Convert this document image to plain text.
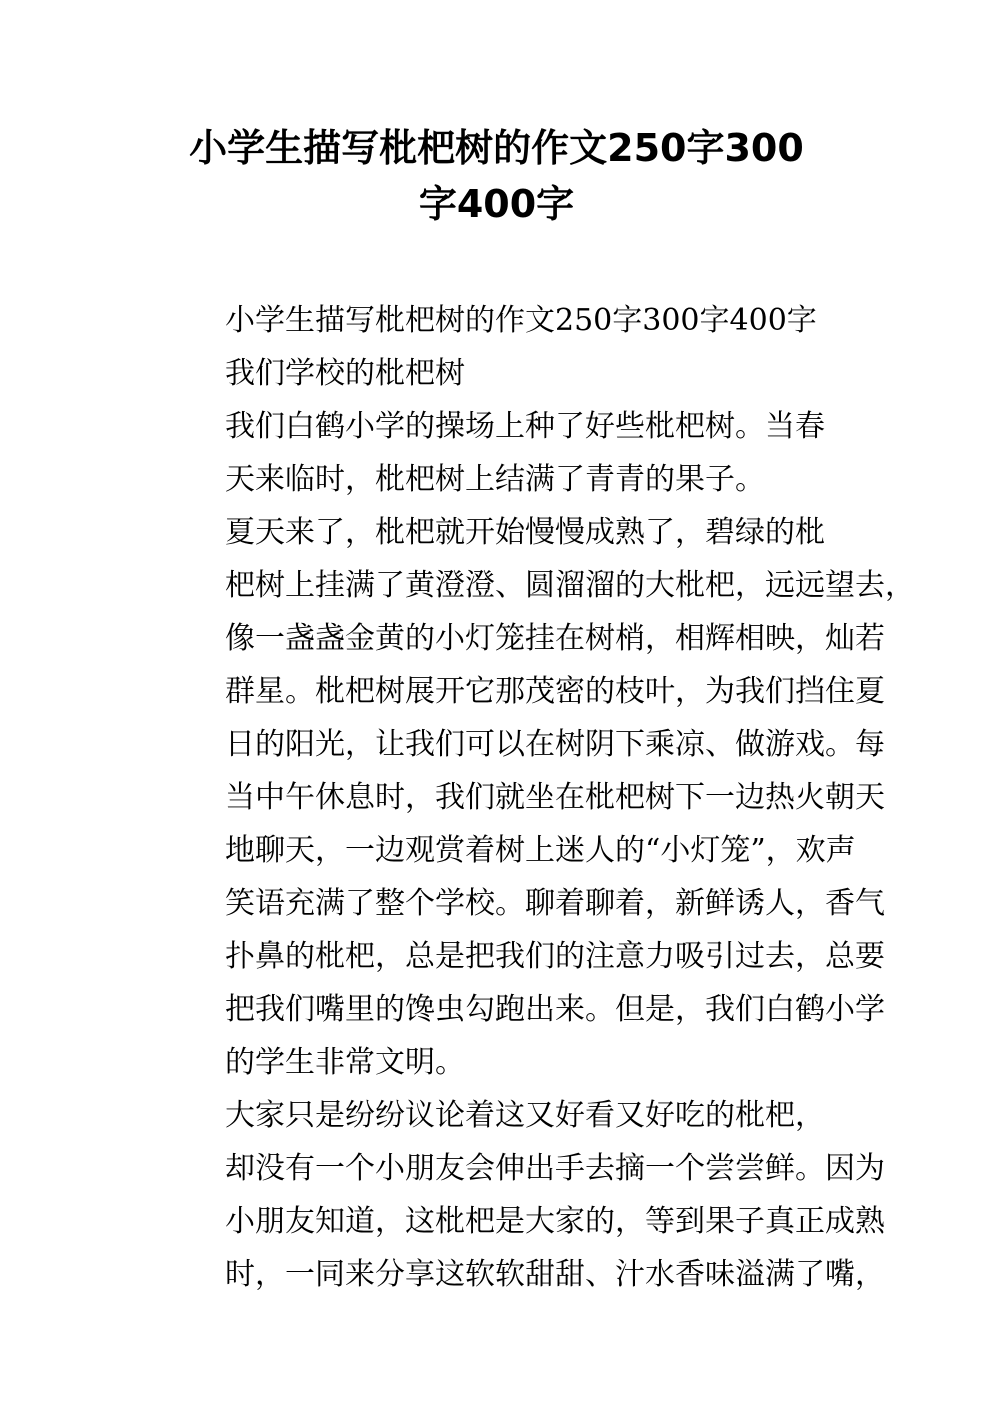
小学生描写枇杷树的作文250字300
字400字

小学生描写枇杷树的作文250字300字400字

我们学校的枇杷树

我们白鹤小学的操场上种了好些枇杷树。当春
天来临时，枇杷树上结满了青青的果子。

夏天来了，枇杷就开始慢慢成熟了，碧绿的枇
杷树上挂满了黄澄澄、圆溜溜的大枇杷，远远望去，
像一盏盏金黄的小灯笼挂在树梢，相辉相映，灿若
群星。枇杷树展开它那茂密的枝叶，为我们挡住夏
日的阳光，让我们可以在树阴下乘凉、做游戏。每
当中午休息时，我们就坐在枇杷树下一边热火朝天
地聊天，一边观赏着树上迷人的“小灯笼”，欢声
笑语充满了整个学校。聊着聊着，新鲜诱人，香气
扑鼻的枇杷，总是把我们的注意力吸引过去，总要
把我们嘴里的馋虫勾跑出来。但是，我们白鹤小学
的学生非常文明。

大家只是纷纷议论着这又好看又好吃的枇杷，
却没有一个小朋友会伸出手去摘一个尝尝鲜。因为
小朋友知道，这枇杷是大家的，等到果子真正成熟
时，一同来分享这软软甜甜、汁水香味溢满了嘴，
